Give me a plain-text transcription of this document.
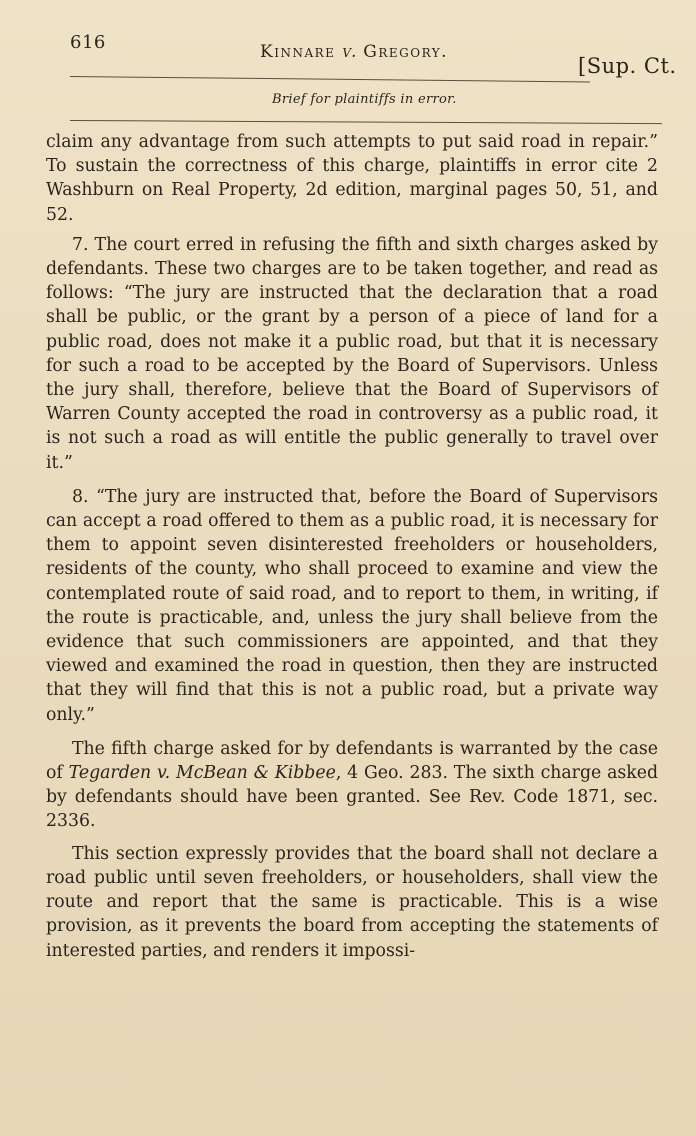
616	Kinnare v. Gregory.
[Sup. Ct.
Brief for plaintiffs in error.

claim any advantage from such attempts to put said road in repair.” To sustain the correctness of this charge, plaintiffs in error cite 2 Washburn on Real Property, 2d edition, marginal pages 50, 51, and 52.

7. The court erred in refusing the fifth and sixth charges asked by defendants. These two charges are to be taken together, and read as follows: “The jury are instructed that the declaration that a road shall be public, or the grant by a person of a piece of land for a public road, does not make it a public road, but that it is necessary for such a road to be accepted by the Board of Supervisors. Unless the jury shall, therefore, believe that the Board of Supervisors of Warren County accepted the road in controversy as a public road, it is not such a road as will entitle the public generally to travel over it.”

8. “The jury are instructed that, before the Board of Supervisors can accept a road offered to them as a public road, it is necessary for them to appoint seven disinterested freeholders or householders, residents of the county, who shall proceed to examine and view the contemplated route of said road, and to report to them, in writing, if the route is practicable, and, unless the jury shall believe from the evidence that such commissioners are appointed, and that they viewed and examined the road in question, then they are instructed that they will find that this is not a public road, but a private way only.”

The fifth charge asked for by defendants is warranted by the case of Tegarden v. McBean & Kibbee, 4 Geo. 283. The sixth charge asked by defendants should have been granted. See Rev. Code 1871, sec. 2336.

This section expressly provides that the board shall not declare a road public until seven freeholders, or householders, shall view the route and report that the same is practicable. This is a wise provision, as it prevents the board from accepting the statements of interested parties, and renders it impossi-
